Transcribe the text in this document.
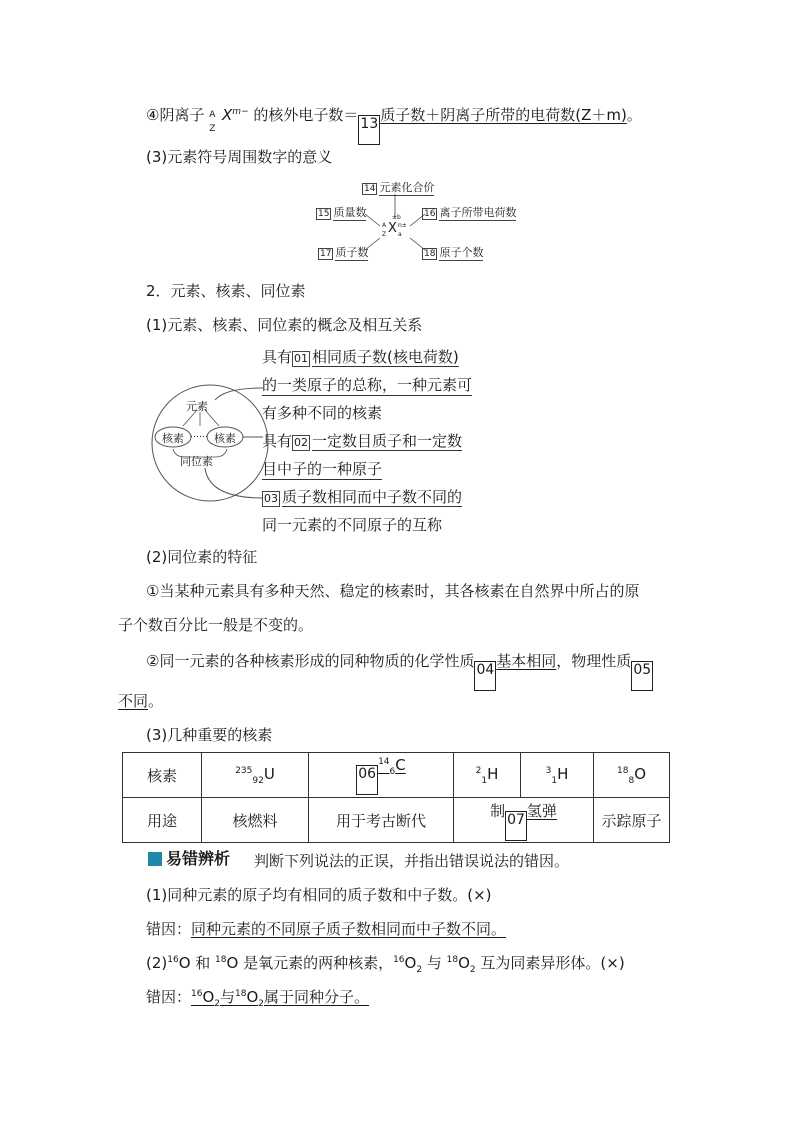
④阴离子 A
Z
$X^{m-}$ 的核外电子数＝ 13 质子数＋阴离子所带的电荷数(Z＋m)。
(3)元素符号周围数字的意义
14 元素化合价
15 质量数	16 离子所带电荷数
17 质子数	18 原子个数
±b
A
Z X n±
a
2．元素、核素、同位素
(1)元素、核素、同位素的概念及相互关系
元素
核素 …… 核素
同位素
具有 01 相同质子数(核电荷数)
的一类原子的总称，一种元素可
有多种不同的核素
具有 02 一定数目质子和一定数
目中子的一种原子
03 质子数相同而中子数不同的
同一元素的不同原子的互称
(2)同位素的特征
①当某种元素具有多种天然、稳定的核素时，其各核素在自然界中所占的原
子个数百分比一般是不变的。
②同一元素的各种核素形成的同种物质的化学性质 04 基本相同，物理性质 05
不同。
(3)几种重要的核素
核素	$^{235}_{92}$U	$06^{14}_6C$	$^2_1$H	$^3_1$H	$^{18}_8$O
用途	核燃料	用于考古断代	制 07 氢弹		示踪原子
易错辨析 判断下列说法的正误，并指出错误说法的错因。
(1)同种元素的原子均有相同的质子数和中子数。(×)
错因：同种元素的不同原子质子数相同而中子数不同。
$(2)^{16}O$ 和 $^{18}$O 是氧元素的两种核素，$^{16}O_2$ 与 $^{18}O_2$ 互为同素异形体。(×)
错因：$^{16}O_2$与$^{18}O_2$属于同种分子。
